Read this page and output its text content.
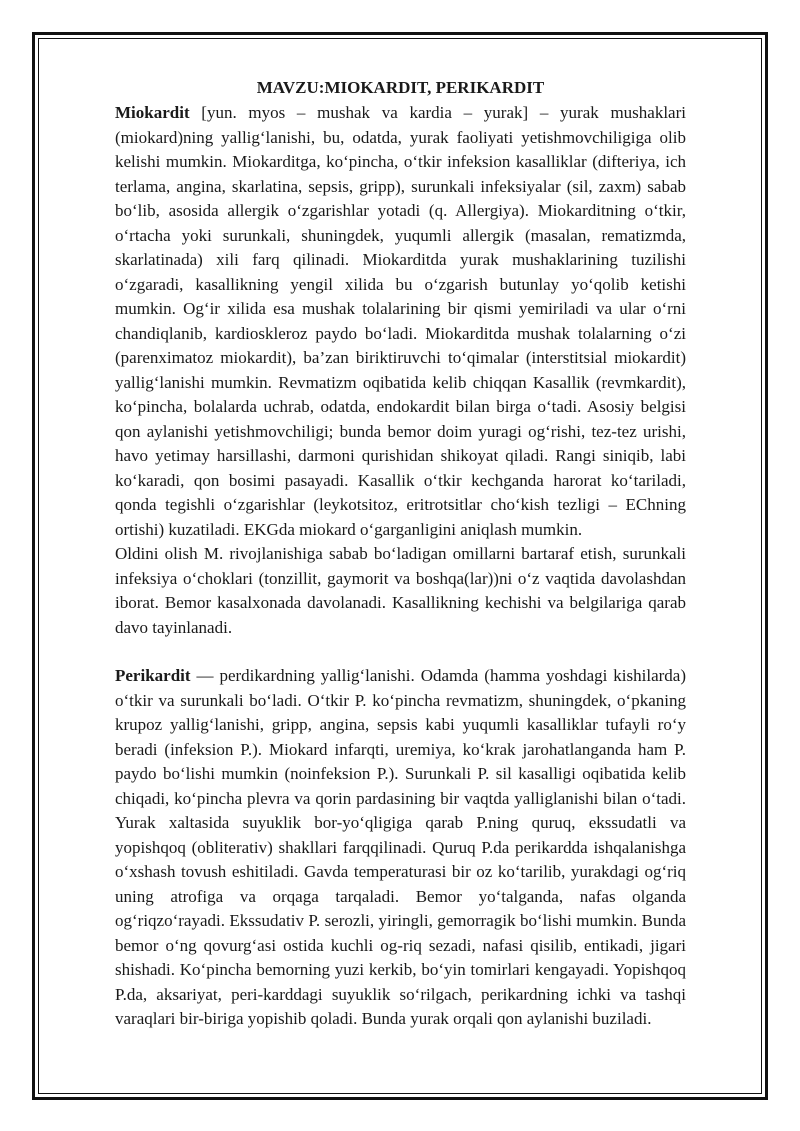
MAVZU:MIOKARDIT, PERIKARDIT

Miokardit [yun. myos – mushak va kardia – yurak] – yurak mushaklari (miokard)ning yallig‘lanishi, bu, odatda, yurak faoliyati yetishmovchiligiga olib kelishi mumkin. Miokarditga, ko‘pincha, o‘tkir infeksion kasalliklar (difteriya, ich terlama, angina, skarlatina, sepsis, gripp), surunkali infeksiyalar (sil, zaxm) sabab bo‘lib, asosida allergik o‘zgarishlar yotadi (q. Allergiya). Miokarditning o‘tkir, o‘rtacha yoki surunkali, shuningdek, yuqumli allergik (masalan, rematizmda, skarlatinada) xili farq qilinadi. Miokarditda yurak mushaklarining tuzilishi o‘zgaradi, kasallikning yengil xilida bu o‘zgarish butunlay yo‘qolib ketishi mumkin. Og‘ir xilida esa mushak tolalarining bir qismi yemiriladi va ular o‘rni chandiqlanib, kardioskleroz paydo bo‘ladi. Miokarditda mushak tolalarning o‘zi (parenximatoz miokardit), ba’zan biriktiruvchi to‘qimalar (interstitsial miokardit) yallig‘lanishi mumkin. Revmatizm oqibatida kelib chiqqan Kasallik (revmkardit), ko‘pincha, bolalarda uchrab, odatda, endokardit bilan birga o‘tadi. Asosiy belgisi qon aylanishi yetishmovchiligi; bunda bemor doim yuragi og‘rishi, tez-tez urishi, havo yetimay harsillashi, darmoni qurishidan shikoyat qiladi. Rangi siniqib, labi ko‘karadi, qon bosimi pasayadi. Kasallik o‘tkir kechganda harorat ko‘tariladi, qonda tegishli o‘zgarishlar (leykotsitoz, eritrotsitlar cho‘kish tezligi – EChning ortishi) kuzatiladi. EKGda miokard o‘garganligini aniqlash mumkin.

Oldini olish M. rivojlanishiga sabab bo‘ladigan omillarni bartaraf etish, surunkali infeksiya o‘choklari (tonzillit, gaymorit va boshqa(lar))ni o‘z vaqtida davolashdan iborat. Bemor kasalxonada davolanadi. Kasallikning kechishi va belgilariga qarab davo tayinlanadi.

Perikardit — perdikardning yallig‘lanishi. Odamda (hamma yoshdagi kishilarda) o‘tkir va surunkali bo‘ladi. O‘tkir P. ko‘pincha revmatizm, shuningdek, o‘pkaning krupoz yallig‘lanishi, gripp, angina, sepsis kabi yuqumli kasalliklar tufayli ro‘y beradi (infeksion P.). Miokard infarqti, uremiya, ko‘krak jarohatlanganda ham P. paydo bo‘lishi mumkin (noinfeksion P.). Surunkali P. sil kasalligi oqibatida kelib chiqadi, ko‘pincha plevra va qorin pardasining bir vaqtda yalliglanishi bilan o‘tadi. Yurak xaltasida suyuklik bor-yo‘qligiga qarab P.ning quruq, ekssudatli va yopishqoq (obliterativ) shakllari farqqilinadi. Quruq P.da perikardda ishqalanishga o‘xshash tovush eshitiladi. Gavda temperaturasi bir oz ko‘tarilib, yurakdagi og‘riq uning atrofiga va orqaga tarqaladi. Bemor yo‘talganda, nafas olganda og‘riqzo‘rayadi. Ekssudativ P. serozli, yiringli, gemorragik bo‘lishi mumkin. Bunda bemor o‘ng qovurg‘asi ostida kuchli og-riq sezadi, nafasi qisilib, entikadi, jigari shishadi. Ko‘pincha bemorning yuzi kerkib, bo‘yin tomirlari kengayadi. Yopishqoq P.da, aksariyat, peri-karddagi suyuklik so‘rilgach, perikardning ichki va tashqi varaqlari bir-biriga yopishib qoladi. Bunda yurak orqali qon aylanishi buziladi.
